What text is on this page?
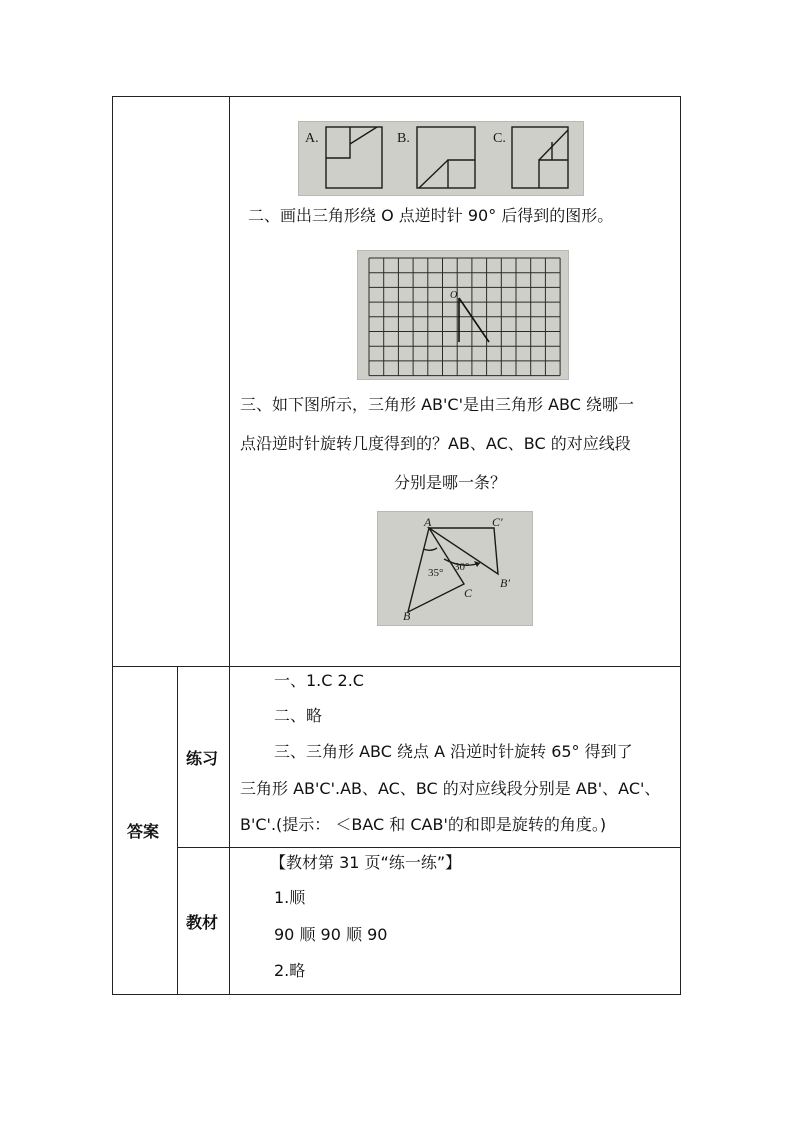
A.	B.	C.
二、画出三角形绕 O 点逆时针 90° 后得到的图形。
O
三、如下图所示，三角形 AB'C'是由三角形 ABC 绕哪一
点沿逆时针旋转几度得到的？AB、AC、BC 的对应线段
分别是哪一条？
A	C′
B′
C
B
35° 30°
答案
练习
一、1.C 2.C
二、略
三、三角形 ABC 绕点 A 沿逆时针旋转 65° 得到了
三角形 AB'C'.AB、AC、BC 的对应线段分别是 AB'、AC'、
B'C'.(提示： ＜BAC 和 CAB'的和即是旋转的角度。)
教材
【教材第 31 页“练一练”】
1.顺
90 顺 90 顺 90
2.略
